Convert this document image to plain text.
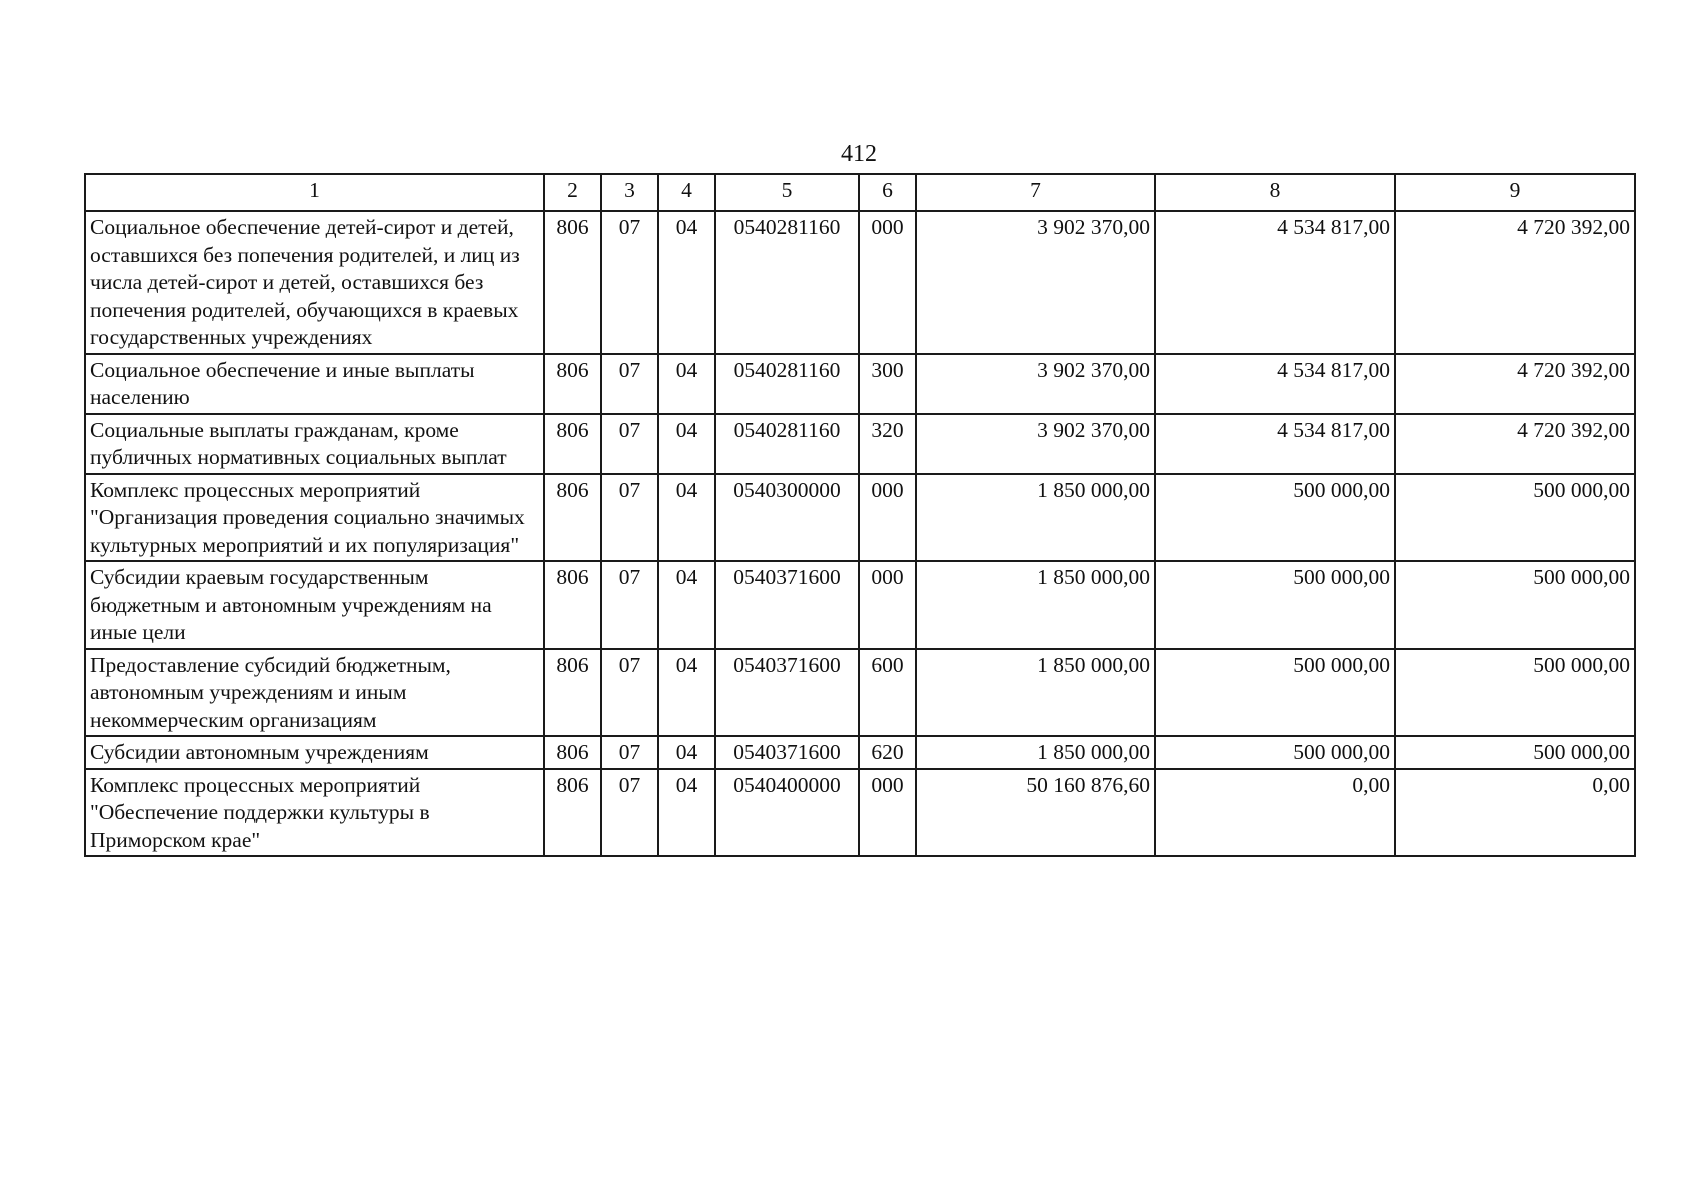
412
1	2	3	4	5	6	7	8	9
Социальное обеспечение детей-сирот и детей, оставшихся без попечения родителей, и лиц из числа детей-сирот и детей, оставшихся без попечения родителей, обучающихся в краевых государственных учреждениях	806	07	04	0540281160	000	3 902 370,00	4 534 817,00	4 720 392,00
Социальное обеспечение и иные выплаты населению	806	07	04	0540281160	300	3 902 370,00	4 534 817,00	4 720 392,00
Социальные выплаты гражданам, кроме публичных нормативных социальных выплат	806	07	04	0540281160	320	3 902 370,00	4 534 817,00	4 720 392,00
Комплекс процессных мероприятий "Организация проведения социально значимых культурных мероприятий и их популяризация"	806	07	04	0540300000	000	1 850 000,00	500 000,00	500 000,00
Субсидии краевым государственным бюджетным и автономным учреждениям на иные цели	806	07	04	0540371600	000	1 850 000,00	500 000,00	500 000,00
Предоставление субсидий бюджетным, автономным учреждениям и иным некоммерческим организациям	806	07	04	0540371600	600	1 850 000,00	500 000,00	500 000,00
Субсидии автономным учреждениям	806	07	04	0540371600	620	1 850 000,00	500 000,00	500 000,00
Комплекс процессных мероприятий "Обеспечение поддержки культуры в Приморском крае"	806	07	04	0540400000	000	50 160 876,60	0,00	0,00
